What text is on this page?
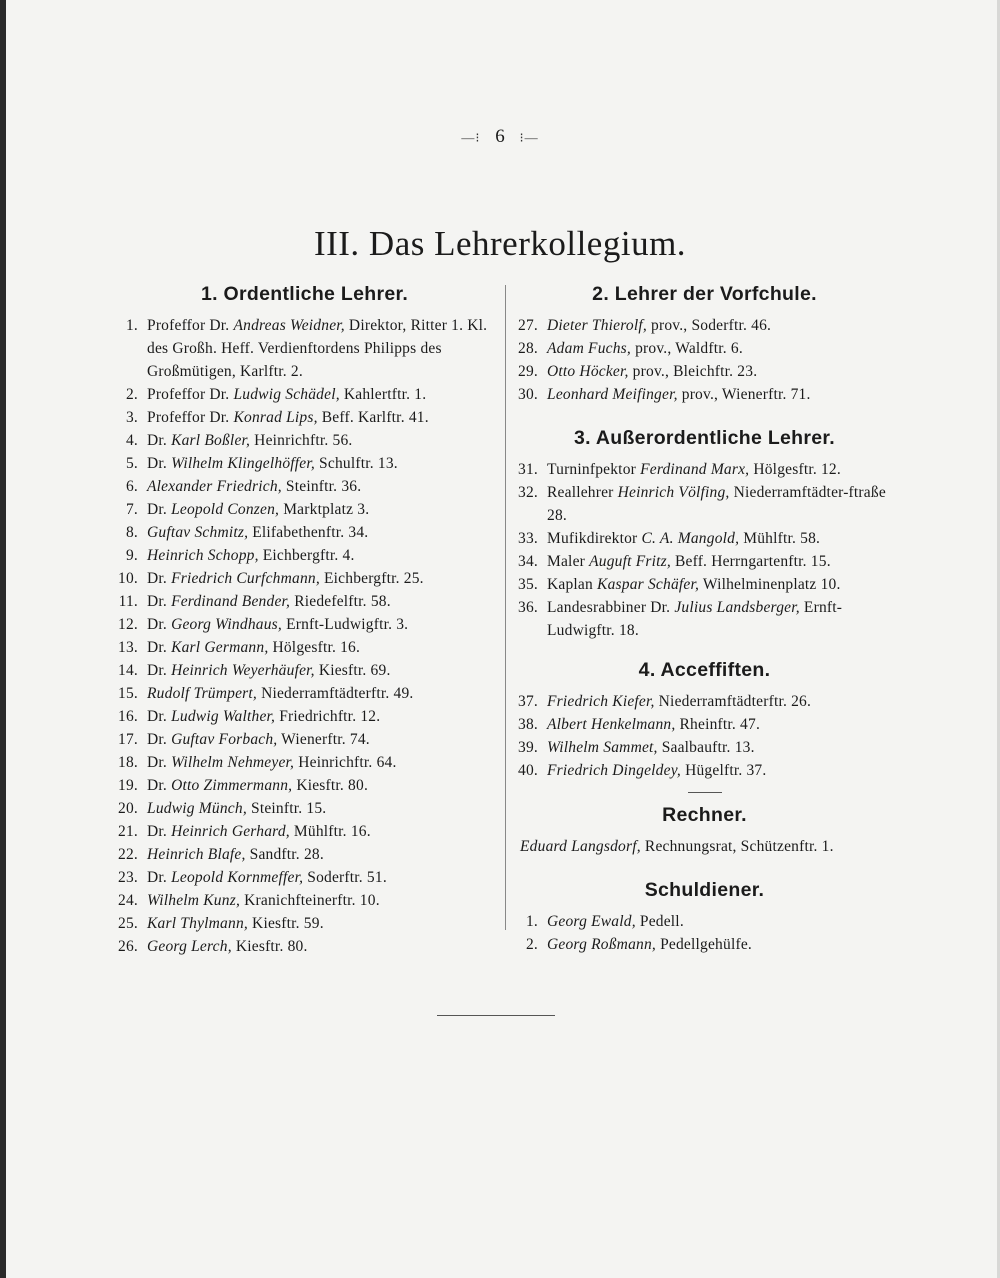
—⁝ 6 ⁝—
III. Das Lehrerkollegium.
1. Ordentliche Lehrer.
1. Profeffor Dr. Andreas Weidner, Direktor, Ritter 1. Kl. des Großh. Heff. Verdienftordens Philipps des Großmütigen, Karlftr. 2.
2. Profeffor Dr. Ludwig Schädel, Kahlertftr. 1.
3. Profeffor Dr. Konrad Lips, Beff. Karlftr. 41.
4. Dr. Karl Boßler, Heinrichftr. 56.
5. Dr. Wilhelm Klingelhöffer, Schulftr. 13.
6. Alexander Friedrich, Steinftr. 36.
7. Dr. Leopold Conzen, Marktplatz 3.
8. Guftav Schmitz, Elifabethenftr. 34.
9. Heinrich Schopp, Eichbergftr. 4.
10. Dr. Friedrich Curfchmann, Eichbergftr. 25.
11. Dr. Ferdinand Bender, Riedefelftr. 58.
12. Dr. Georg Windhaus, Ernft-Ludwigftr. 3.
13. Dr. Karl Germann, Hölgesftr. 16.
14. Dr. Heinrich Weyerhäufer, Kiesftr. 69.
15. Rudolf Trümpert, Niederramftädterftr. 49.
16. Dr. Ludwig Walther, Friedrichftr. 12.
17. Dr. Guftav Forbach, Wienerftr. 74.
18. Dr. Wilhelm Nehmeyer, Heinrichftr. 64.
19. Dr. Otto Zimmermann, Kiesftr. 80.
20. Ludwig Münch, Steinftr. 15.
21. Dr. Heinrich Gerhard, Mühlftr. 16.
22. Heinrich Blafe, Sandftr. 28.
23. Dr. Leopold Kornmeffer, Soderftr. 51.
24. Wilhelm Kunz, Kranichfteinerftr. 10.
25. Karl Thylmann, Kiesftr. 59.
26. Georg Lerch, Kiesftr. 80.
2. Lehrer der Vorfchule.
27. Dieter Thierolf, prov., Soderftr. 46.
28. Adam Fuchs, prov., Waldftr. 6.
29. Otto Höcker, prov., Bleichftr. 23.
30. Leonhard Meifinger, prov., Wienerftr. 71.
3. Außerordentliche Lehrer.
31. Turninfpektor Ferdinand Marx, Hölgesftr. 12.
32. Reallehrer Heinrich Völfing, Niederramftädter-ftraße 28.
33. Mufikdirektor C. A. Mangold, Mühlftr. 58.
34. Maler Auguft Fritz, Beff. Herrngartenftr. 15.
35. Kaplan Kaspar Schäfer, Wilhelminenplatz 10.
36. Landesrabbiner Dr. Julius Landsberger, Ernft-Ludwigftr. 18.
4. Acceffiften.
37. Friedrich Kiefer, Niederramftädterftr. 26.
38. Albert Henkelmann, Rheinftr. 47.
39. Wilhelm Sammet, Saalbauftr. 13.
40. Friedrich Dingeldey, Hügelftr. 37.
Rechner.
Eduard Langsdorf, Rechnungsrat, Schützenftr. 1.
Schuldiener.
1. Georg Ewald, Pedell.
2. Georg Roßmann, Pedellgehülfe.
